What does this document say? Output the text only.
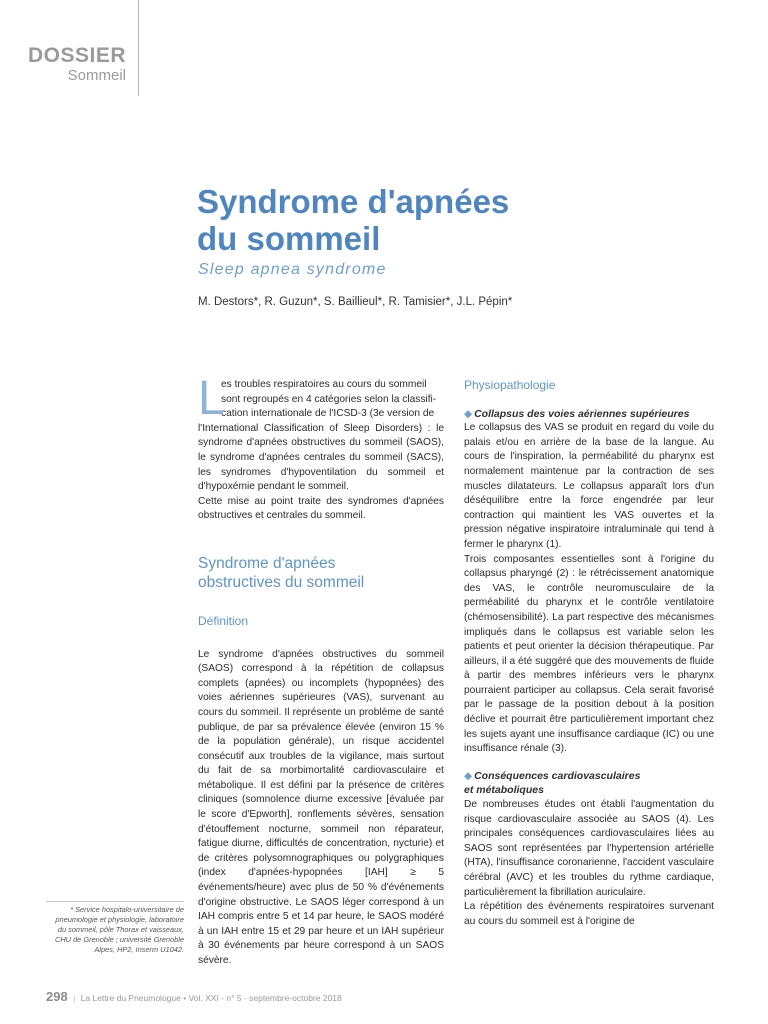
DOSSIER
Sommeil
Syndrome d'apnées
du sommeil
Sleep apnea syndrome
M. Destors*, R. Guzun*, S. Baillieul*, R. Tamisier*, J.L. Pépin*
L

es troubles respiratoires au cours du sommeil

sont regroupés en 4 catégories selon la classifi-

cation internationale de l'ICSD-3 (3e version de

l'International Classification of Sleep Disorders) : le syndrome d'apnées obstructives du sommeil (SAOS), le syndrome d'apnées centrales du sommeil (SACS), les syndromes d'hypoventilation du sommeil et d'hypoxémie pendant le sommeil.

Cette mise au point traite des syndromes d'apnées obstructives et centrales du sommeil.

Syndrome d'apnées
obstructives du sommeil
Définition

Le syndrome d'apnées obstructives du sommeil (SAOS) correspond à la répétition de collapsus complets (apnées) ou incomplets (hypopnées) des voies aériennes supérieures (VAS), survenant au cours du sommeil. Il représente un problème de santé publique, de par sa prévalence élevée (environ 15 % de la population générale), un risque accidentel consécutif aux troubles de la vigilance, mais surtout du fait de sa morbimortalité cardiovasculaire et métabolique. Il est défini par la présence de critères cliniques (somnolence diurne excessive [évaluée par le score d'Epworth], ronflements sévères, sensation d'étouffement nocturne, sommeil non réparateur, fatigue diurne, difficultés de concentration, nycturie) et de critères polysomnographiques ou polygraphiques (index d'apnées-hypopnées [IAH] ≥ 5 événements/heure) avec plus de 50 % d'événements d'origine obstructive. Le SAOS léger correspond à un IAH compris entre 5 et 14 par heure, le SAOS modéré à un IAH entre 15 et 29 par heure et un IAH supérieur à 30 événements par heure correspond à un SAOS sévère.

Physiopathologie
◆ Collapsus des voies aériennes supérieures

Le collapsus des VAS se produit en regard du voile du palais et/ou en arrière de la base de la langue. Au cours de l'inspiration, la perméabilité du pharynx est normalement maintenue par la contraction de ses muscles dilatateurs. Le collapsus apparaît lors d'un déséquilibre entre la force engendrée par leur contraction qui maintient les VAS ouvertes et la pression négative inspiratoire intraluminale qui tend à fermer le pharynx (1).

Trois composantes essentielles sont à l'origine du collapsus pharyngé (2) : le rétrécissement anatomique des VAS, le contrôle neuromusculaire de la perméabilité du pharynx et le contrôle ventilatoire (chémosensibilité). La part respective des mécanismes impliqués dans le collapsus est variable selon les patients et peut orienter la décision thérapeutique. Par ailleurs, il a été suggéré que des mouvements de fluide à partir des membres inférieurs vers le pharynx pourraient participer au collapsus. Cela serait favorisé par le passage de la position debout à la position déclive et pourrait être particulièrement important chez les sujets ayant une insuffisance cardiaque (IC) ou une insuffisance rénale (3).

◆ Conséquences cardiovasculaires
et métaboliques

De nombreuses études ont établi l'augmentation du risque cardiovasculaire associée au SAOS (4). Les principales conséquences cardiovasculaires liées au SAOS sont représentées par l'hypertension artérielle (HTA), l'insuffisance coronarienne, l'accident vasculaire cérébral (AVC) et les troubles du rythme cardiaque, particulièrement la fibrillation auriculaire.

La répétition des événements respiratoires survenant au cours du sommeil est à l'origine de

* Service hospitalo-universitaire de pneumologie et physiologie, laboratoire du sommeil, pôle Thorax et vaisseaux, CHU de Grenoble ; université Grenoble Alpes, HP2, Inserm U1042.
298 | La Lettre du Pneumologue • Vol. XXI - n° 5 - septembre-octobre 2018
